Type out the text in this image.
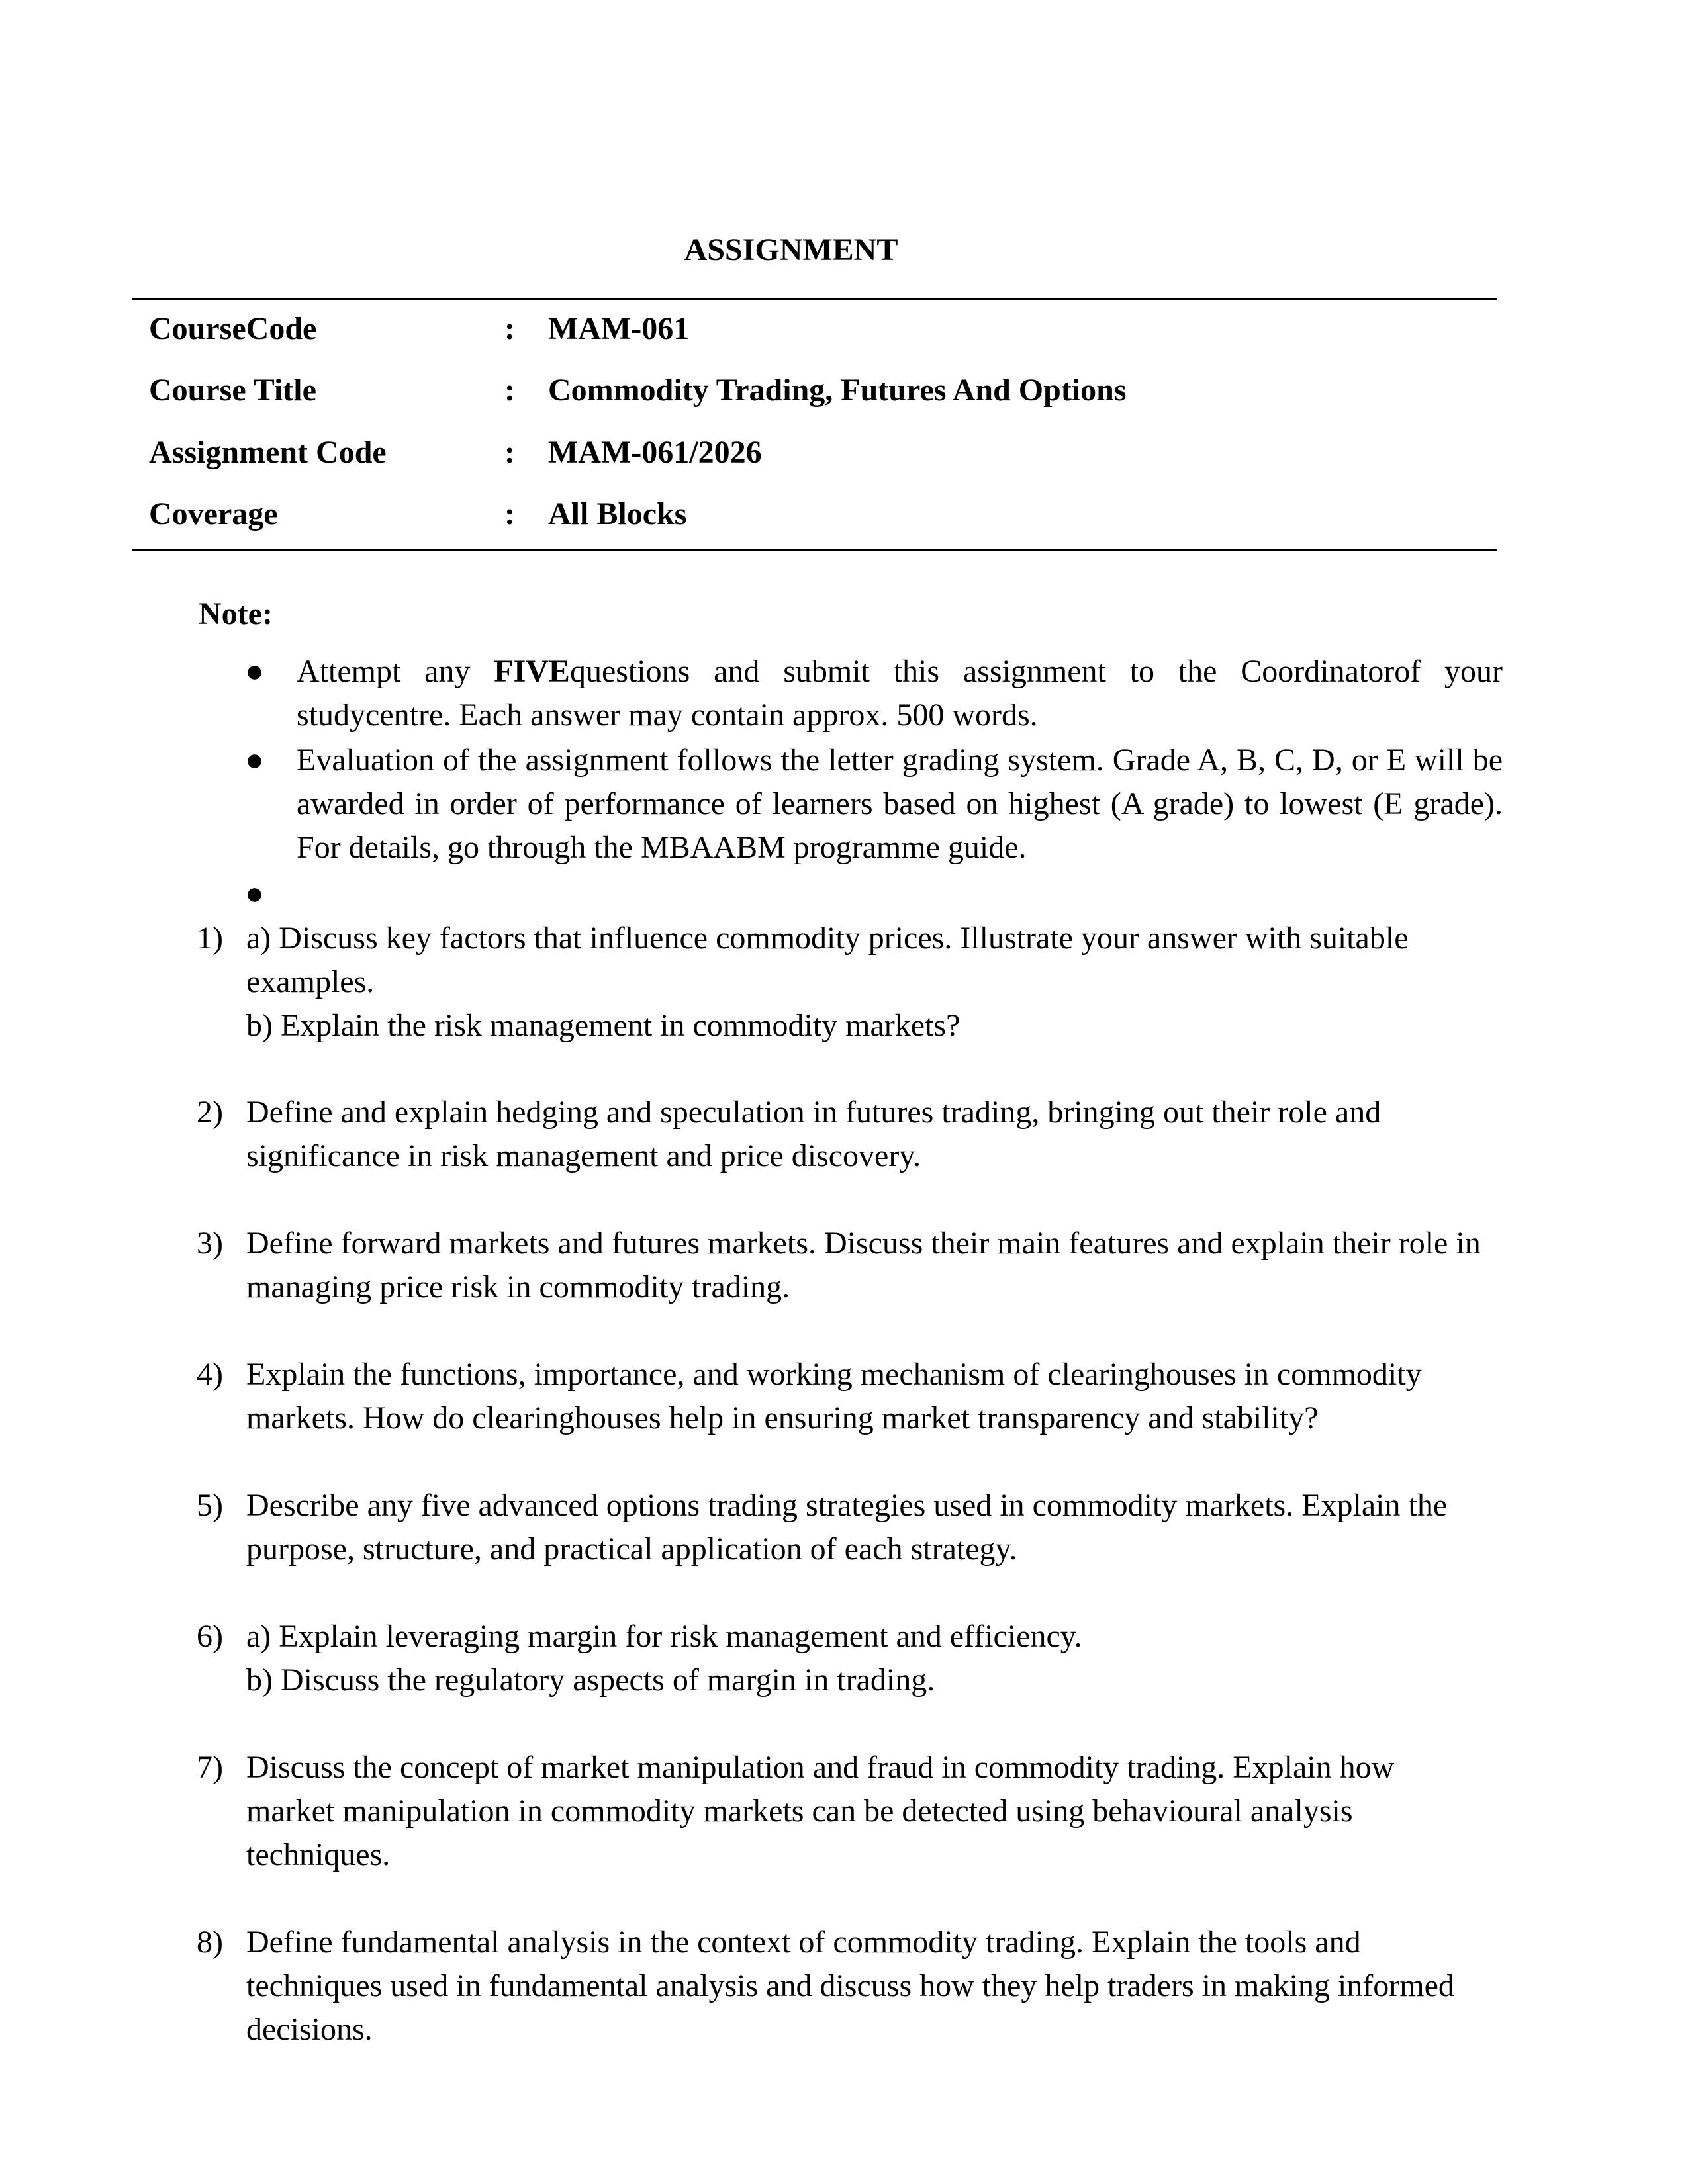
ASSIGNMENT
CourseCode	: MAM-061
Course Title	: Commodity Trading, Futures And Options
Assignment Code	: MAM-061/2026
Coverage	: All Blocks
Note:
● Attempt any FIVEquestions and submit this assignment to the Coordinatorof your studycentre. Each answer may contain approx. 500 words.
● Evaluation of the assignment follows the letter grading system. Grade A, B, C, D, or E will be awarded in order of performance of learners based on highest (A grade) to lowest (E grade). For details, go through the MBAABM programme guide.
●
1) a) Discuss key factors that influence commodity prices. Illustrate your answer with suitable
examples.
b) Explain the risk management in commodity markets?
2) Define and explain hedging and speculation in futures trading, bringing out their role and
significance in risk management and price discovery.
3) Define forward markets and futures markets. Discuss their main features and explain their role in
managing price risk in commodity trading.
4) Explain the functions, importance, and working mechanism of clearinghouses in commodity
markets. How do clearinghouses help in ensuring market transparency and stability?
5) Describe any five advanced options trading strategies used in commodity markets. Explain the
purpose, structure, and practical application of each strategy.
6) a) Explain leveraging margin for risk management and efficiency.
b) Discuss the regulatory aspects of margin in trading.
7) Discuss the concept of market manipulation and fraud in commodity trading. Explain how
market manipulation in commodity markets can be detected using behavioural analysis
techniques.
8) Define fundamental analysis in the context of commodity trading. Explain the tools and
techniques used in fundamental analysis and discuss how they help traders in making informed
decisions.
